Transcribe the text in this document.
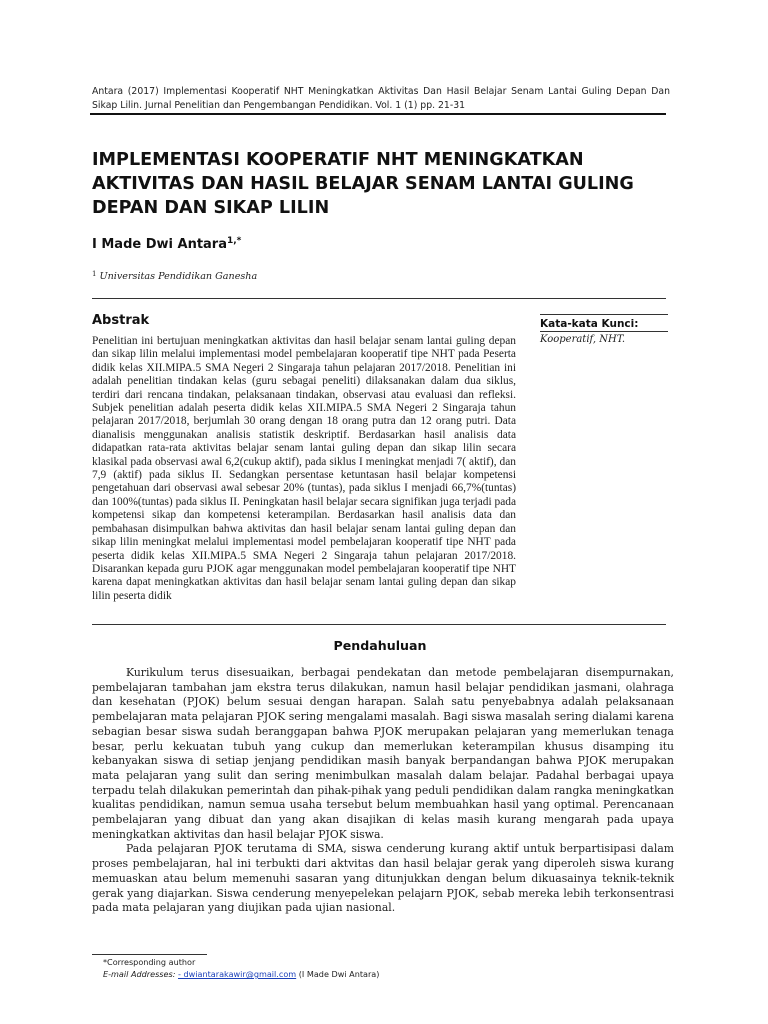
Antara (2017) Implementasi Kooperatif NHT Meningkatkan Aktivitas Dan Hasil Belajar Senam Lantai Guling Depan Dan Sikap Lilin. Jurnal Penelitian dan Pengembangan Pendidikan. Vol. 1 (1) pp. 21-31
IMPLEMENTASI KOOPERATIF NHT MENINGKATKAN AKTIVITAS DAN HASIL BELAJAR SENAM LANTAI GULING DEPAN DAN SIKAP LILIN
I Made Dwi Antara$^{1,*}$
$^1$ Universitas Pendidikan Ganesha
Abstrak

Penelitian ini bertujuan meningkatkan aktivitas dan hasil belajar senam lantai guling depan dan sikap lilin melalui implementasi model pembelajaran kooperatif tipe NHT pada Peserta didik kelas XII.MIPA.5 SMA Negeri 2 Singaraja tahun pelajaran 2017/2018. Penelitian ini adalah penelitian tindakan kelas (guru sebagai peneliti) dilaksanakan dalam dua siklus, terdiri dari rencana tindakan, pelaksanaan tindakan, observasi atau evaluasi dan refleksi. Subjek penelitian adalah peserta didik kelas XII.MIPA.5 SMA Negeri 2 Singaraja tahun pelajaran 2017/2018, berjumlah 30 orang dengan 18 orang putra dan 12 orang putri. Data dianalisis menggunakan analisis statistik deskriptif. Berdasarkan hasil analisis data didapatkan rata-rata aktivitas belajar senam lantai guling depan dan sikap lilin secara klasikal pada observasi awal 6,2(cukup aktif), pada siklus I meningkat menjadi 7( aktif), dan 7,9 (aktif) pada siklus II. Sedangkan persentase ketuntasan hasil belajar kompetensi pengetahuan dari observasi awal sebesar 20% (tuntas), pada siklus I menjadi 66,7%(tuntas) dan 100%(tuntas) pada siklus II. Peningkatan hasil belajar secara signifikan juga terjadi pada kompetensi sikap dan kompetensi keterampilan. Berdasarkan hasil analisis data dan pembahasan disimpulkan bahwa aktivitas dan hasil belajar senam lantai guling depan dan sikap lilin meningkat melalui implementasi model pembelajaran kooperatif tipe NHT pada peserta didik kelas XII.MIPA.5 SMA Negeri 2 Singaraja tahun pelajaran 2017/2018. Disarankan kepada guru PJOK agar menggunakan model pembelajaran kooperatif tipe NHT karena dapat meningkatkan aktivitas dan hasil belajar senam lantai guling depan dan sikap lilin peserta didik

Kata-kata Kunci:
Kooperatif, NHT.
Pendahuluan

Kurikulum terus disesuaikan, berbagai pendekatan dan metode pembelajaran disempurnakan, pembelajaran tambahan jam ekstra terus dilakukan, namun hasil belajar pendidikan jasmani, olahraga dan kesehatan (PJOK) belum sesuai dengan harapan. Salah satu penyebabnya adalah pelaksanaan pembelajaran mata pelajaran PJOK sering mengalami masalah. Bagi siswa masalah sering dialami karena sebagian besar siswa sudah beranggapan bahwa PJOK merupakan pelajaran yang memerlukan tenaga besar, perlu kekuatan tubuh yang cukup dan memerlukan keterampilan khusus disamping itu kebanyakan siswa di setiap jenjang pendidikan masih banyak berpandangan bahwa PJOK merupakan mata pelajaran yang sulit dan sering menimbulkan masalah dalam belajar. Padahal berbagai upaya terpadu telah dilakukan pemerintah dan pihak-pihak yang peduli pendidikan dalam rangka meningkatkan kualitas pendidikan, namun semua usaha tersebut belum membuahkan hasil yang optimal. Perencanaan pembelajaran yang dibuat dan yang akan disajikan di kelas masih kurang mengarah pada upaya meningkatkan aktivitas dan hasil belajar PJOK siswa.

Pada pelajaran PJOK terutama di SMA, siswa cenderung kurang aktif untuk berpartisipasi dalam proses pembelajaran, hal ini terbukti dari aktvitas dan hasil belajar gerak yang diperoleh siswa kurang memuaskan atau belum memenuhi sasaran yang ditunjukkan dengan belum dikuasainya teknik-teknik gerak yang diajarkan. Siswa cenderung menyepelekan pelajarn PJOK, sebab mereka lebih terkonsentrasi pada mata pelajaran yang diujikan pada ujian nasional.

*Corresponding author
E-mail Addresses: - dwiantarakawir@gmail.com (I Made Dwi Antara)
